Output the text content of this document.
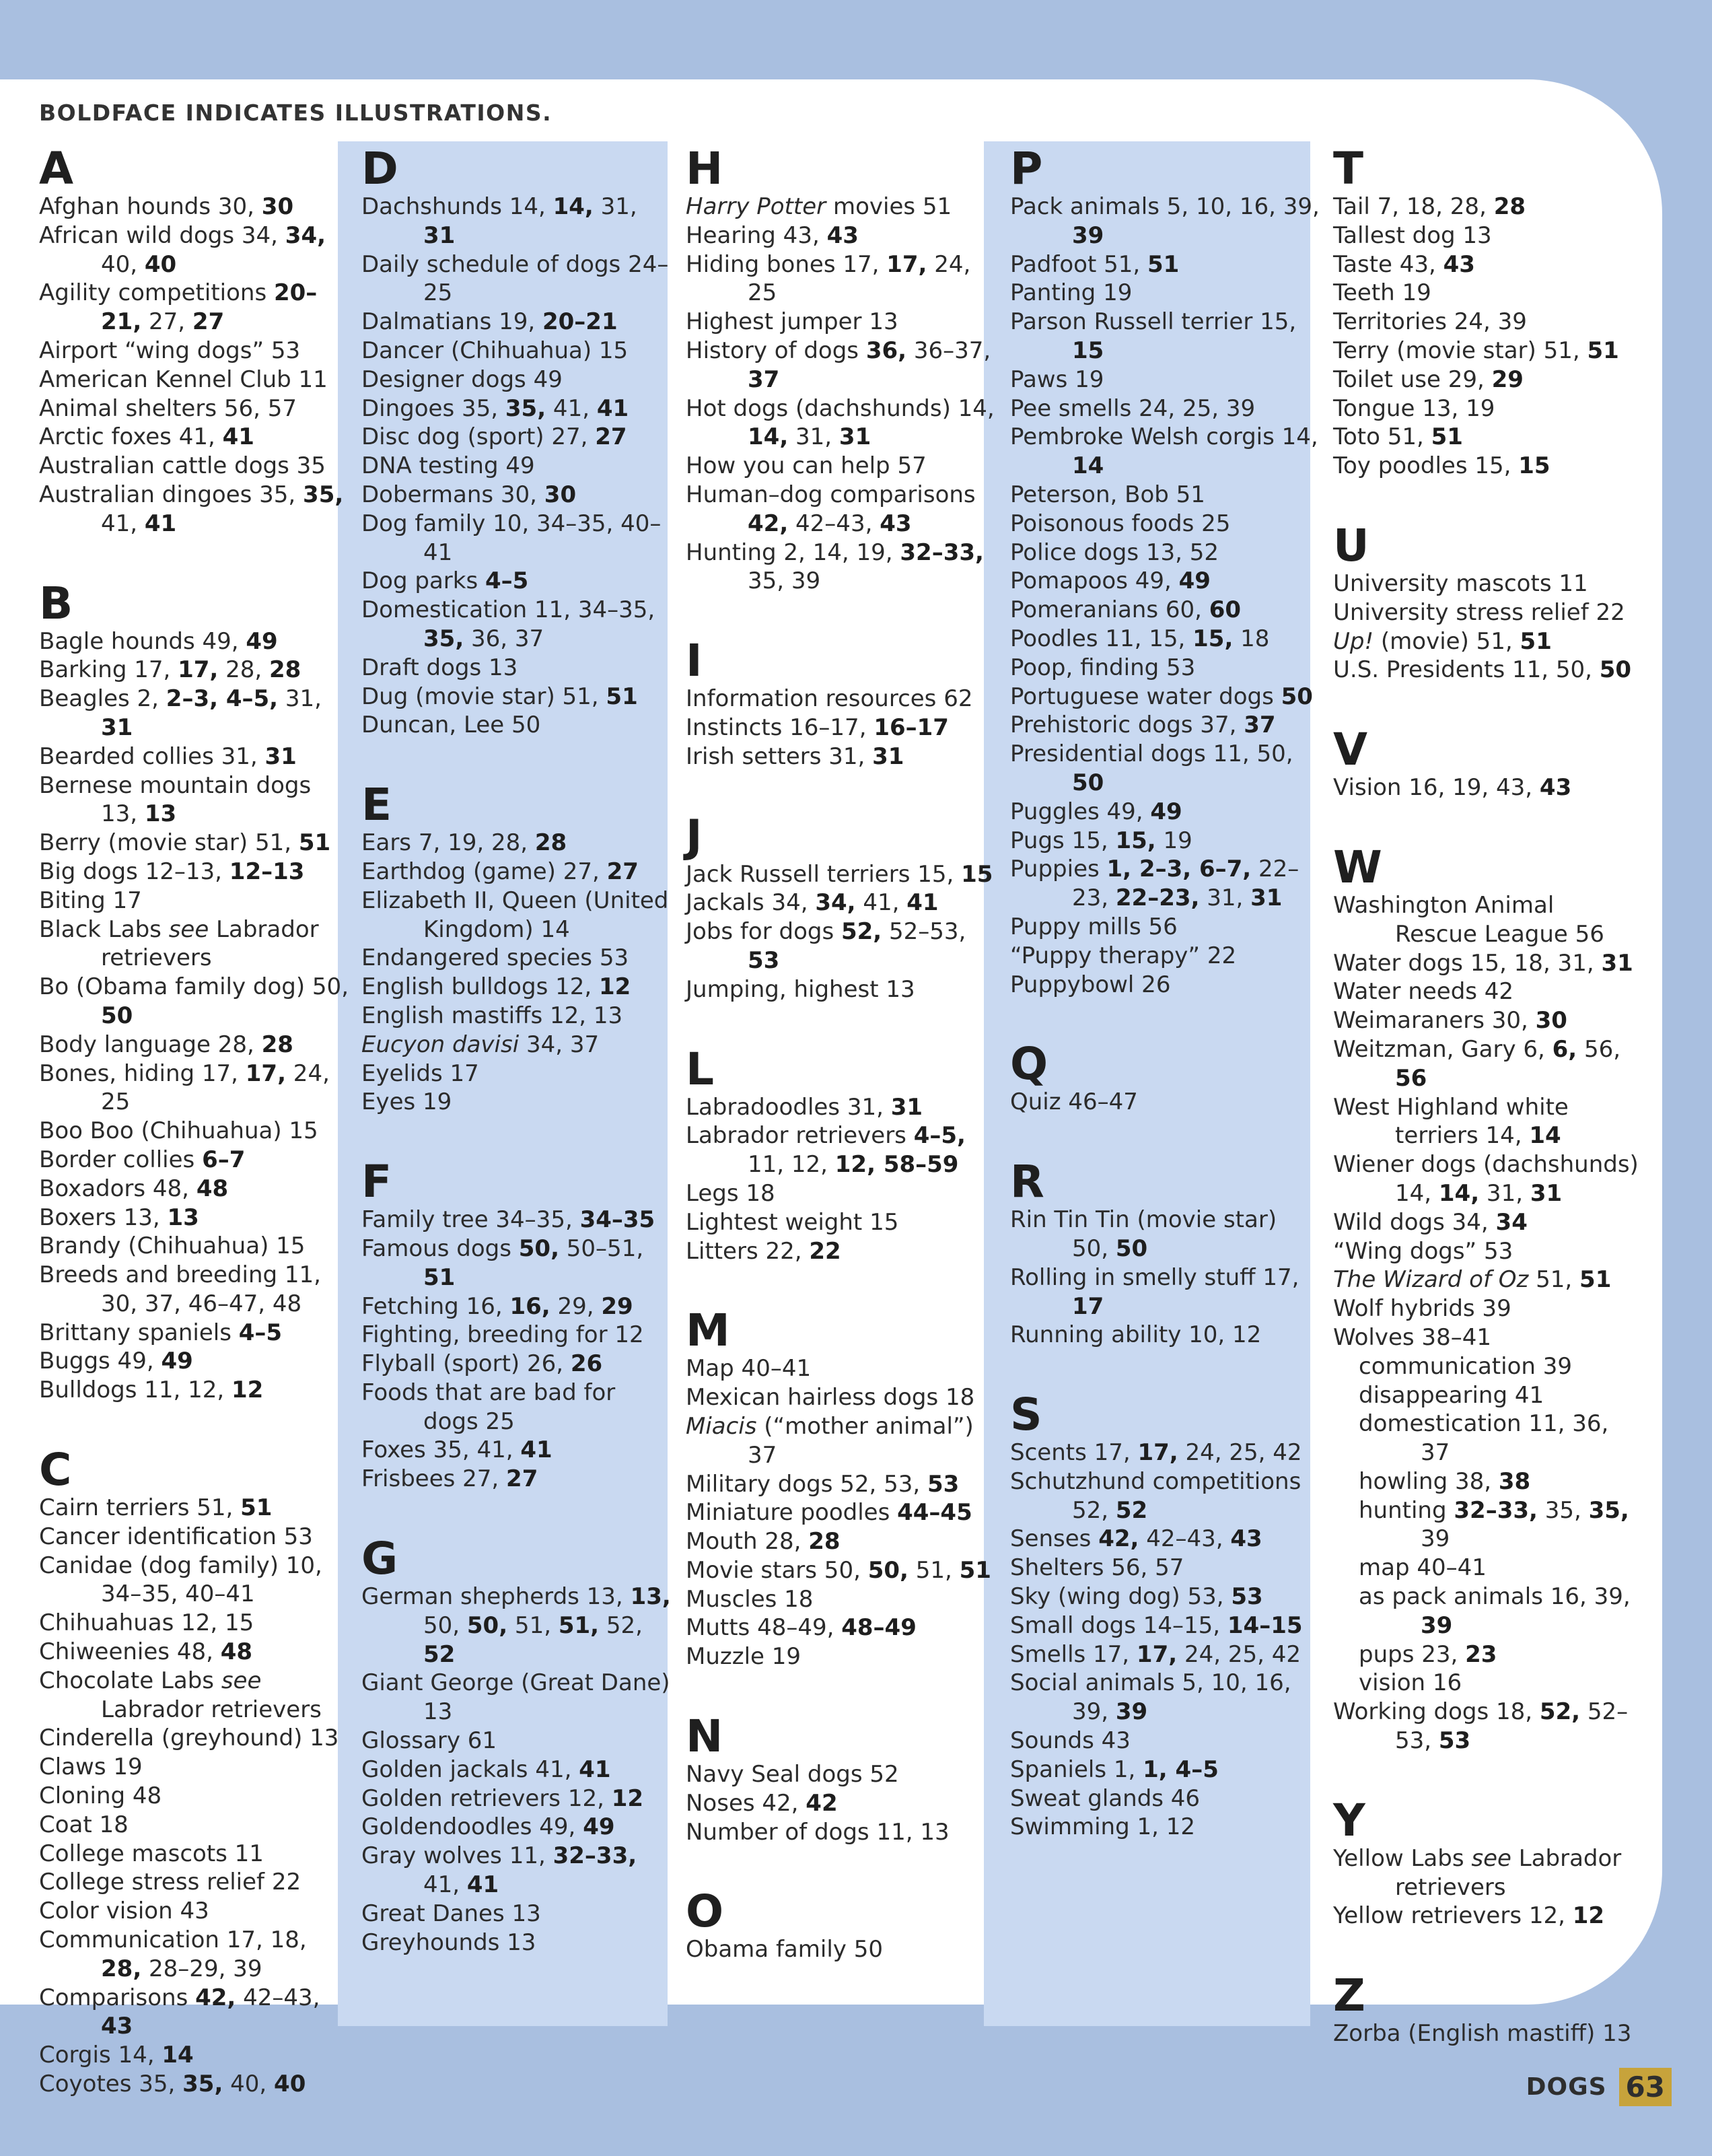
BOLDFACE INDICATES ILLUSTRATIONS.
A
Afghan hounds 30, 30
African wild dogs 34, 34, 40, 40
Agility competitions 20–21, 27, 27
Airport “wing dogs” 53
American Kennel Club 11
Animal shelters 56, 57
Arctic foxes 41, 41
Australian cattle dogs 35
Australian dingoes 35, 35, 41, 41
B
Bagle hounds 49, 49
Barking 17, 17, 28, 28
Beagles 2, 2–3, 4–5, 31, 31
Bearded collies 31, 31
Bernese mountain dogs 13, 13
Berry (movie star) 51, 51
Big dogs 12–13, 12–13
Biting 17
Black Labs see Labrador retrievers
Bo (Obama family dog) 50, 50
Body language 28, 28
Bones, hiding 17, 17, 24, 25
Boo Boo (Chihuahua) 15
Border collies 6–7
Boxadors 48, 48
Boxers 13, 13
Brandy (Chihuahua) 15
Breeds and breeding 11, 30, 37, 46–47, 48
Brittany spaniels 4–5
Buggs 49, 49
Bulldogs 11, 12, 12
C
Cairn terriers 51, 51
Cancer identification 53
Canidae (dog family) 10, 34–35, 40–41
Chihuahuas 12, 15
Chiweenies 48, 48
Chocolate Labs see Labrador retrievers
Cinderella (greyhound) 13
Claws 19
Cloning 48
Coat 18
College mascots 11
College stress relief 22
Color vision 43
Communication 17, 18, 28, 28–29, 39
Comparisons 42, 42–43, 43
Corgis 14, 14
Coyotes 35, 35, 40, 40
D
Dachshunds 14, 14, 31, 31
Daily schedule of dogs 24–25
Dalmatians 19, 20–21
Dancer (Chihuahua) 15
Designer dogs 49
Dingoes 35, 35, 41, 41
Disc dog (sport) 27, 27
DNA testing 49
Dobermans 30, 30
Dog family 10, 34–35, 40–41
Dog parks 4–5
Domestication 11, 34–35, 35, 36, 37
Draft dogs 13
Dug (movie star) 51, 51
Duncan, Lee 50
E
Ears 7, 19, 28, 28
Earthdog (game) 27, 27
Elizabeth II, Queen (United Kingdom) 14
Endangered species 53
English bulldogs 12, 12
English mastiffs 12, 13
Eucyon davisi 34, 37
Eyelids 17
Eyes 19
F
Family tree 34–35, 34–35
Famous dogs 50, 50–51, 51
Fetching 16, 16, 29, 29
Fighting, breeding for 12
Flyball (sport) 26, 26
Foods that are bad for dogs 25
Foxes 35, 41, 41
Frisbees 27, 27
G
German shepherds 13, 13, 50, 50, 51, 51, 52, 52
Giant George (Great Dane) 13
Glossary 61
Golden jackals 41, 41
Golden retrievers 12, 12
Goldendoodles 49, 49
Gray wolves 11, 32–33, 41, 41
Great Danes 13
Greyhounds 13
H
Harry Potter movies 51
Hearing 43, 43
Hiding bones 17, 17, 24, 25
Highest jumper 13
History of dogs 36, 36–37, 37
Hot dogs (dachshunds) 14, 14, 31, 31
How you can help 57
Human–dog comparisons 42, 42–43, 43
Hunting 2, 14, 19, 32–33, 35, 39
I
Information resources 62
Instincts 16–17, 16–17
Irish setters 31, 31
J
Jack Russell terriers 15, 15
Jackals 34, 34, 41, 41
Jobs for dogs 52, 52–53, 53
Jumping, highest 13
L
Labradoodles 31, 31
Labrador retrievers 4–5, 11, 12, 12, 58–59
Legs 18
Lightest weight 15
Litters 22, 22
M
Map 40–41
Mexican hairless dogs 18
Miacis (“mother animal”) 37
Military dogs 52, 53, 53
Miniature poodles 44–45
Mouth 28, 28
Movie stars 50, 50, 51, 51
Muscles 18
Mutts 48–49, 48–49
Muzzle 19
N
Navy Seal dogs 52
Noses 42, 42
Number of dogs 11, 13
O
Obama family 50
P
Pack animals 5, 10, 16, 39, 39
Padfoot 51, 51
Panting 19
Parson Russell terrier 15, 15
Paws 19
Pee smells 24, 25, 39
Pembroke Welsh corgis 14, 14
Peterson, Bob 51
Poisonous foods 25
Police dogs 13, 52
Pomapoos 49, 49
Pomeranians 60, 60
Poodles 11, 15, 15, 18
Poop, finding 53
Portuguese water dogs 50
Prehistoric dogs 37, 37
Presidential dogs 11, 50, 50
Puggles 49, 49
Pugs 15, 15, 19
Puppies 1, 2–3, 6–7, 22–23, 22–23, 31, 31
Puppy mills 56
“Puppy therapy” 22
Puppybowl 26
Q
Quiz 46–47
R
Rin Tin Tin (movie star) 50, 50
Rolling in smelly stuff 17, 17
Running ability 10, 12
S
Scents 17, 17, 24, 25, 42
Schutzhund competitions 52, 52
Senses 42, 42–43, 43
Shelters 56, 57
Sky (wing dog) 53, 53
Small dogs 14–15, 14–15
Smells 17, 17, 24, 25, 42
Social animals 5, 10, 16, 39, 39
Sounds 43
Spaniels 1, 1, 4–5
Sweat glands 46
Swimming 1, 12
T
Tail 7, 18, 28, 28
Tallest dog 13
Taste 43, 43
Teeth 19
Territories 24, 39
Terry (movie star) 51, 51
Toilet use 29, 29
Tongue 13, 19
Toto 51, 51
Toy poodles 15, 15
U
University mascots 11
University stress relief 22
Up! (movie) 51, 51
U.S. Presidents 11, 50, 50
V
Vision 16, 19, 43, 43
W
Washington Animal Rescue League 56
Water dogs 15, 18, 31, 31
Water needs 42
Weimaraners 30, 30
Weitzman, Gary 6, 6, 56, 56
West Highland white terriers 14, 14
Wiener dogs (dachshunds) 14, 14, 31, 31
Wild dogs 34, 34
“Wing dogs” 53
The Wizard of Oz 51, 51
Wolf hybrids 39
Wolves 38–41
communication 39
disappearing 41
domestication 11, 36, 37
howling 38, 38
hunting 32–33, 35, 35, 39
map 40–41
as pack animals 16, 39, 39
pups 23, 23
vision 16
Working dogs 18, 52, 52–53, 53
Y
Yellow Labs see Labrador retrievers
Yellow retrievers 12, 12
Z
Zorba (English mastiff) 13
DOGS 63
